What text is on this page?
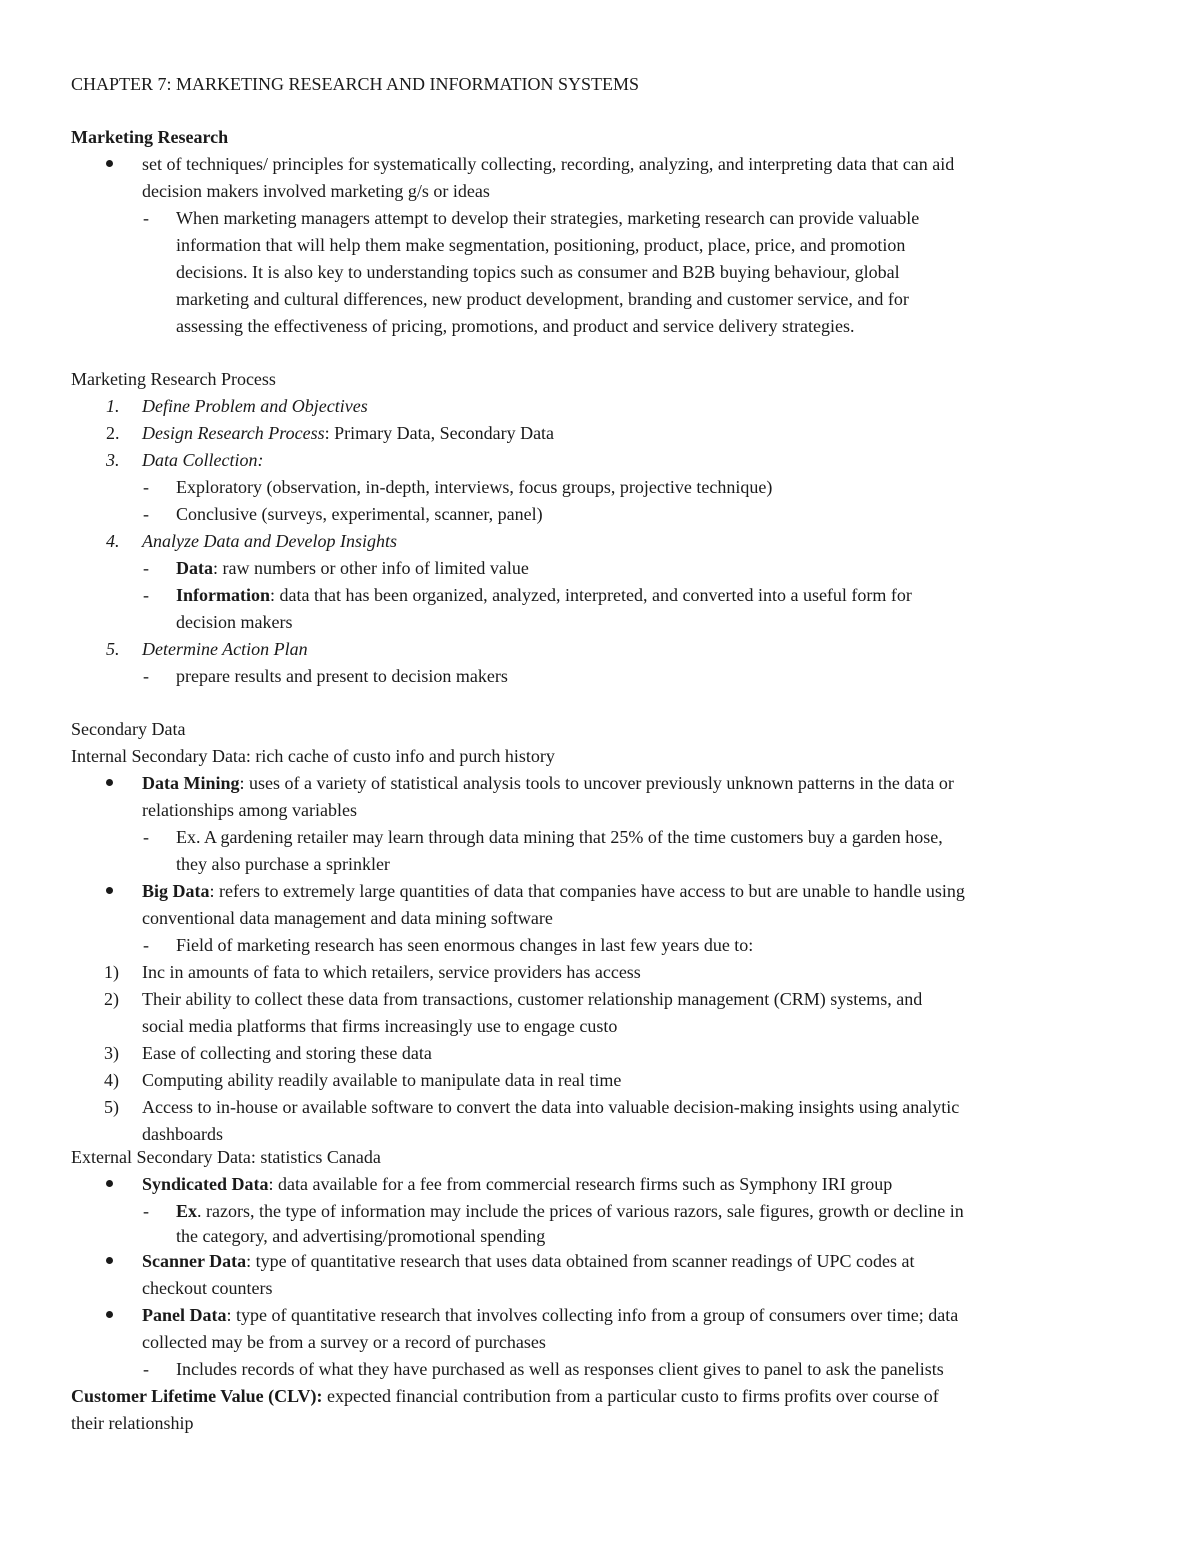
CHAPTER 7: MARKETING RESEARCH AND INFORMATION SYSTEMS
Marketing Research
set of techniques/ principles for systematically collecting, recording, analyzing, and interpreting data that can aid
decision makers involved marketing g/s or ideas
- When marketing managers attempt to develop their strategies, marketing research can provide valuable
information that will help them make segmentation, positioning, product, place, price, and promotion
decisions. It is also key to understanding topics such as consumer and B2B buying behaviour, global
marketing and cultural differences, new product development, branding and customer service, and for
assessing the effectiveness of pricing, promotions, and product and service delivery strategies.
Marketing Research Process
1. Define Problem and Objectives
2. Design Research Process: Primary Data, Secondary Data
3. Data Collection:
- Exploratory (observation, in-depth, interviews, focus groups, projective technique)
- Conclusive (surveys, experimental, scanner, panel)
4. Analyze Data and Develop Insights
- Data: raw numbers or other info of limited value
- Information: data that has been organized, analyzed, interpreted, and converted into a useful form for
decision makers
5. Determine Action Plan
- prepare results and present to decision makers
Secondary Data
Internal Secondary Data: rich cache of custo info and purch history
Data Mining: uses of a variety of statistical analysis tools to uncover previously unknown patterns in the data or
relationships among variables
- Ex. A gardening retailer may learn through data mining that 25% of the time customers buy a garden hose,
they also purchase a sprinkler
Big Data: refers to extremely large quantities of data that companies have access to but are unable to handle using
conventional data management and data mining software
- Field of marketing research has seen enormous changes in last few years due to:
1) Inc in amounts of fata to which retailers, service providers has access
2) Their ability to collect these data from transactions, customer relationship management (CRM) systems, and
social media platforms that firms increasingly use to engage custo
3) Ease of collecting and storing these data
4) Computing ability readily available to manipulate data in real time
5) Access to in-house or available software to convert the data into valuable decision-making insights using analytic
dashboards
External Secondary Data: statistics Canada
Syndicated Data: data available for a fee from commercial research firms such as Symphony IRI group
- Ex. razors, the type of information may include the prices of various razors, sale figures, growth or decline in
the category, and advertising/promotional spending
Scanner Data: type of quantitative research that uses data obtained from scanner readings of UPC codes at
checkout counters
Panel Data: type of quantitative research that involves collecting info from a group of consumers over time; data
collected may be from a survey or a record of purchases
- Includes records of what they have purchased as well as responses client gives to panel to ask the panelists
Customer Lifetime Value (CLV): expected financial contribution from a particular custo to firms profits over course of
their relationship
